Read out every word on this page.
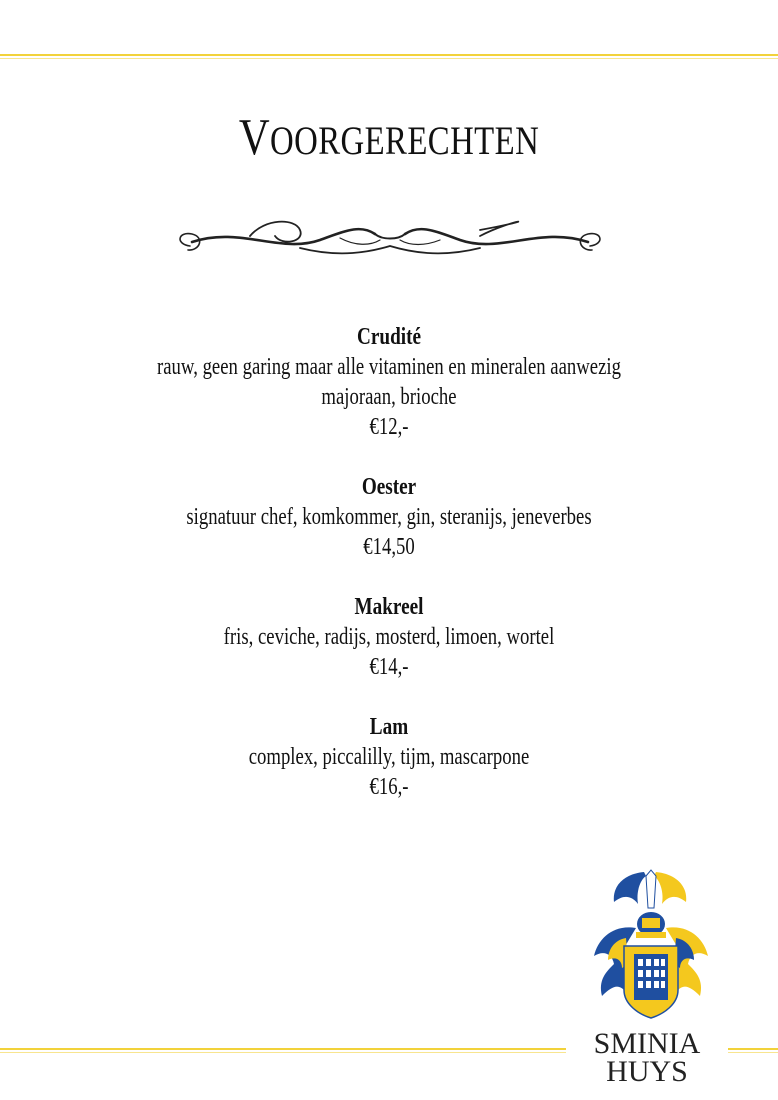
VOORGERECHTEN
Crudité
rauw, geen garing maar alle vitaminen en mineralen aanwezig
majoraan, brioche
€12,-
Oester
signatuur chef, komkommer, gin, steranijs, jeneverbes
€14,50
Makreel
fris, ceviche, radijs, mosterd, limoen, wortel
€14,-
Lam
complex, piccalilly, tijm, mascarpone
€16,-
SMINIA
HUYS
